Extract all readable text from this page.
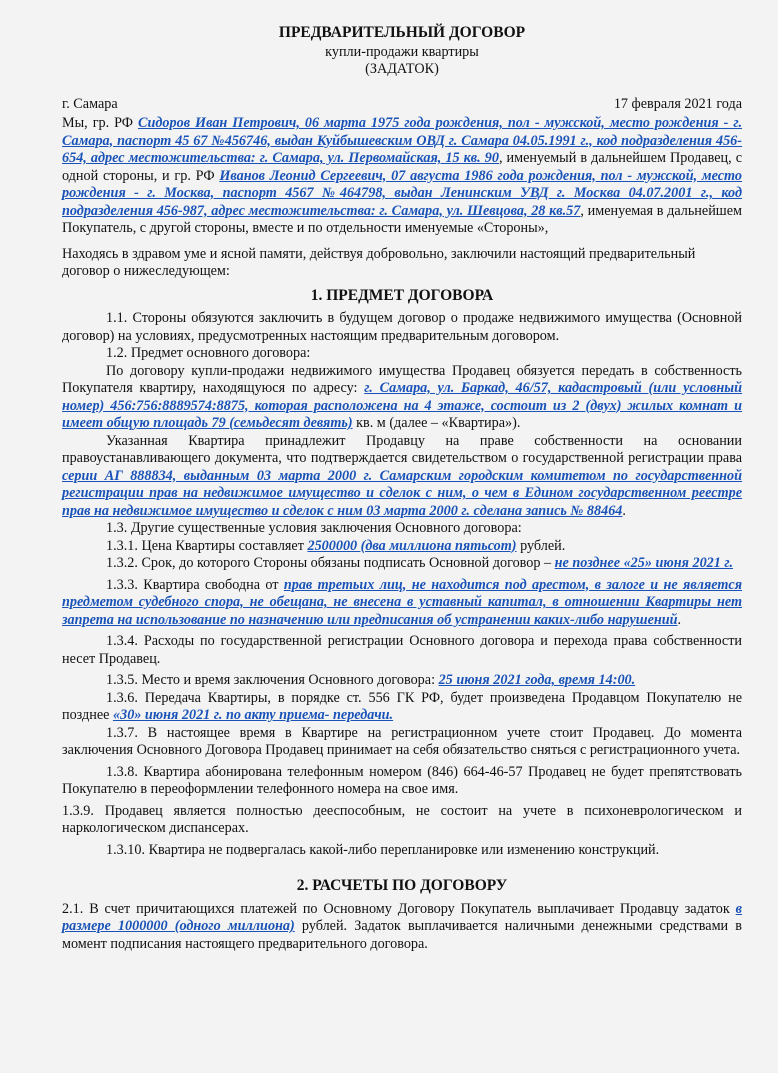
ПРЕДВАРИТЕЛЬНЫЙ ДОГОВОР
купли-продажи квартиры
(ЗАДАТОК)
г. Самара	17 февраля 2021 года

Мы, гр. РФ Сидоров Иван Петрович, 06 марта 1975 года рождения, пол - мужской, место рождения - г. Самара, паспорт 45 67 №456746, выдан Куйбышевским ОВД г. Самара 04.05.1991 г., код подразделения 456-654, адрес местожительства: г. Самара, ул. Первомайская, 15 кв. 90, именуемый в дальнейшем Продавец, с одной стороны, и гр. РФ Иванов Леонид Сергеевич, 07 августа 1986 года рождения, пол - мужской, место рождения - г. Москва, паспорт 4567 №464798, выдан Ленинским УВД г. Москва 04.07.2001 г., код подразделения 456-987, адрес местожительства: г. Самара, ул. Шевцова, 28 кв.57, именуемая в дальнейшем Покупатель, с другой стороны, вместе и по отдельности именуемые «Стороны»,

Находясь в здравом уме и ясной памяти, действуя добровольно, заключили настоящий предварительный договор о нижеследующем:

1. ПРЕДМЕТ ДОГОВОРА

1.1. Стороны обязуются заключить в будущем договор о продаже недвижимого имущества (Основной договор) на условиях, предусмотренных настоящим предварительным договором.

1.2. Предмет основного договора:

По договору купли-продажи недвижимого имущества Продавец обязуется передать в собственность Покупателя квартиру, находящуюся по адресу: г. Самара, ул. Баркад, 46/57, кадастровый (или условный номер) 456:756:8889574:8875, которая расположена на 4 этаже, состоит из 2 (двух) жилых комнат и имеет общую площадь 79 (семьдесят девять) кв. м (далее – «Квартира»).

Указанная Квартира принадлежит Продавцу на праве собственности на основании правоустанавливающего документа, что подтверждается свидетельством о государственной регистрации права серии АГ 888834, выданным 03 марта 2000 г. Самарским городским комитетом по государственной регистрации прав на недвижимое имущество и сделок с ним, о чем в Едином государственном реестре прав на недвижимое имущество и сделок с ним 03 марта 2000 г. сделана запись № 88464.

1.3. Другие существенные условия заключения Основного договора:

1.3.1. Цена Квартиры составляет 2500000 (два миллиона пятьсот) рублей.

1.3.2. Срок, до которого Стороны обязаны подписать Основной договор – не позднее «25» июня 2021 г.

1.3.3. Квартира свободна от прав третьих лиц, не находится под арестом, в залоге и не является предметом судебного спора, не обещана, не внесена в уставный капитал, в отношении Квартиры нет запрета на использование по назначению или предписания об устранении каких-либо нарушений.

1.3.4. Расходы по государственной регистрации Основного договора и перехода права собственности несет Продавец.

1.3.5. Место и время заключения Основного договора: 25 июня 2021 года, время 14:00.

1.3.6. Передача Квартиры, в порядке ст. 556 ГК РФ, будет произведена Продавцом Покупателю не позднее «30» июня 2021 г. по акту приема- передачи.

1.3.7. В настоящее время в Квартире на регистрационном учете стоит Продавец. До момента заключения Основного Договора Продавец принимает на себя обязательство сняться с регистрационного учета.

1.3.8. Квартира абонирована телефонным номером (846) 664-46-57 Продавец не будет препятствовать Покупателю в переоформлении телефонного номера на свое имя.

1.3.9. Продавец является полностью дееспособным, не состоит на учете в психоневрологическом и наркологическом диспансерах.

1.3.10. Квартира не подвергалась какой-либо перепланировке или изменению конструкций.

2. РАСЧЕТЫ ПО ДОГОВОРУ

2.1. В счет причитающихся платежей по Основному Договору Покупатель выплачивает Продавцу задаток в размере 1000000 (одного миллиона) рублей. Задаток выплачивается наличными денежными средствами в момент подписания настоящего предварительного договора.
